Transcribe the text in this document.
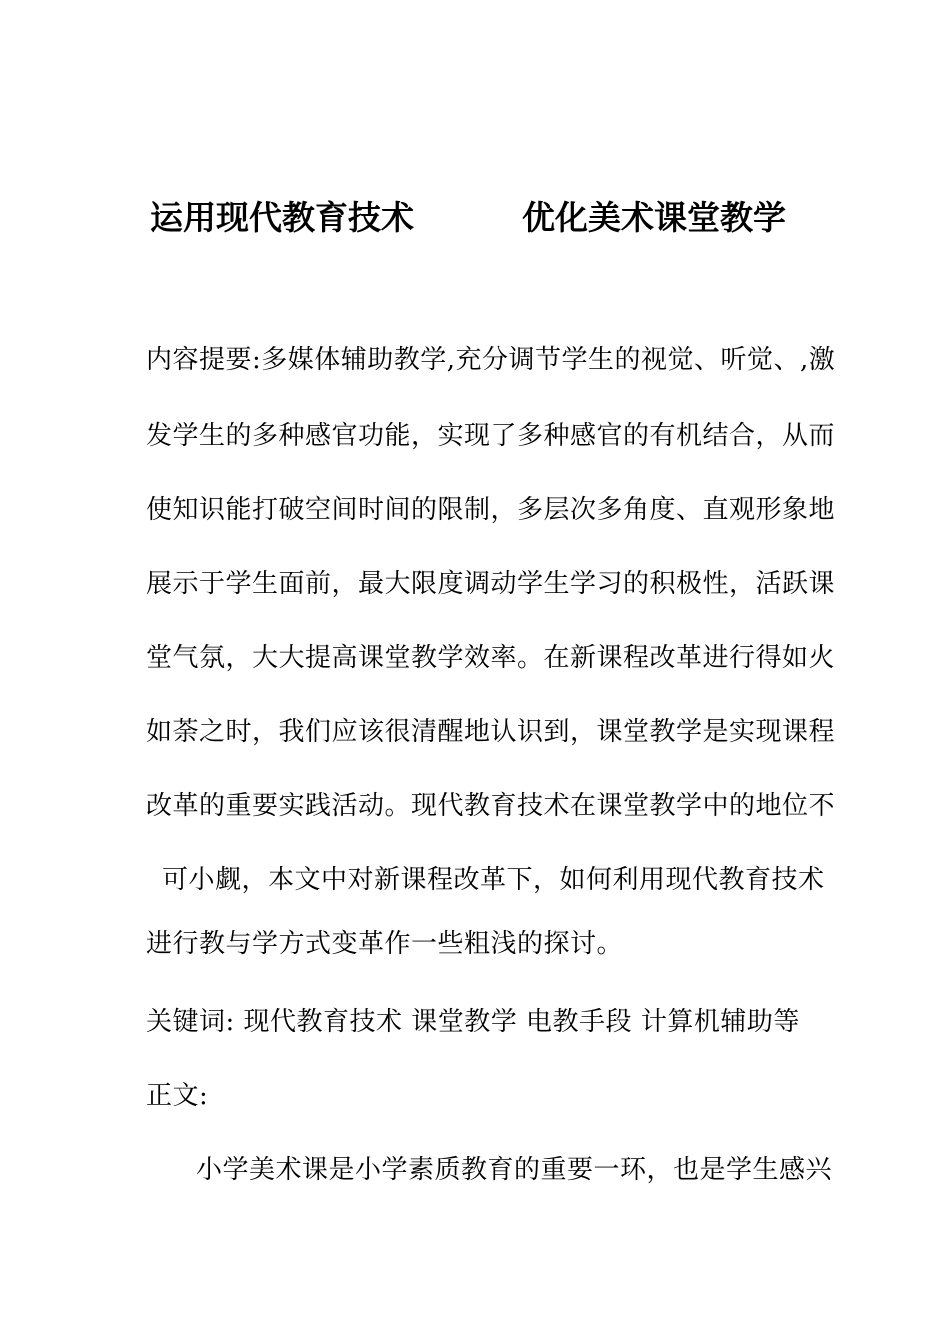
运用现代教育技术	优化美术课堂教学
内容提要:多媒体辅助教学,充分调节学生的视觉、听觉、,激
发学生的多种感官功能，实现了多种感官的有机结合，从而
使知识能打破空间时间的限制，多层次多角度、直观形象地
展示于学生面前，最大限度调动学生学习的积极性，活跃课
堂气氛，大大提高课堂教学效率。在新课程改革进行得如火
如荼之时，我们应该很清醒地认识到，课堂教学是实现课程
改革的重要实践活动。现代教育技术在课堂教学中的地位不
可小觑，本文中对新课程改革下，如何利用现代教育技术
进行教与学方式变革作一些粗浅的探讨。
关键词: 现代教育技术 课堂教学 电教手段 计算机辅助等
正文:
小学美术课是小学素质教育的重要一环，也是学生感兴
